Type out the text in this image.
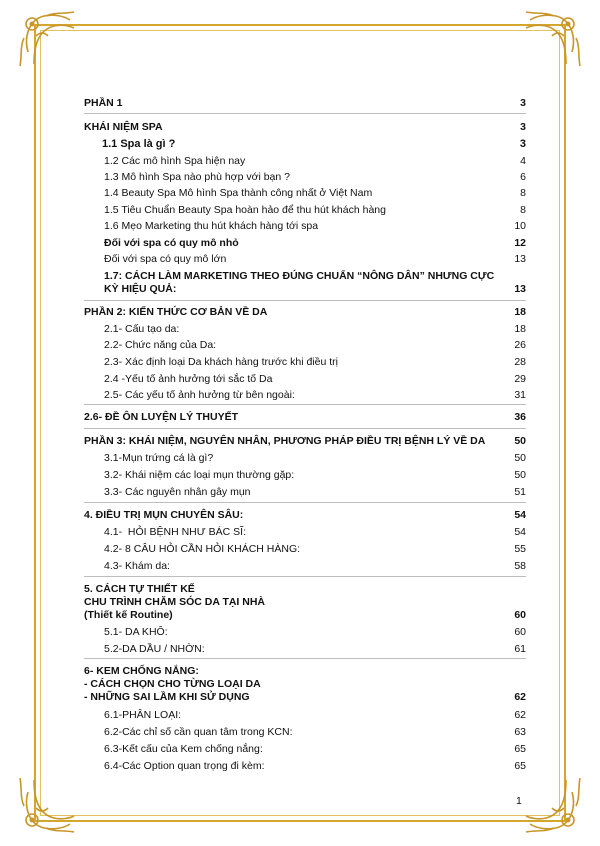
PHẦN 1	3
KHÁI NIỆM SPA	3
1.1 Spa là gì ?	3
1.2 Các mô hình Spa hiện nay	4
1.3 Mô hình Spa nào phù hợp với bạn ?	6
1.4 Beauty Spa Mô hình Spa thành công nhất ở Việt Nam	8
1.5 Tiêu Chuẩn Beauty Spa hoàn hảo để thu hút khách hàng	8
1.6 Mẹo Marketing thu hút khách hàng tới spa	10
Đối với spa có quy mô nhỏ	12
Đối với spa có quy mô lớn	13
1.7: CÁCH LÀM MARKETING THEO ĐÚNG CHUẨN “NÔNG DÂN” NHƯNG CỰC
KỲ HIỆU QUẢ:	13
PHẦN 2: KIẾN THỨC CƠ BẢN VỀ DA	18
2.1- Cấu tạo da:	18
2.2- Chức năng của Da:	26
2.3- Xác định loại Da khách hàng trước khi điều trị	28
2.4 -Yếu tố ảnh hưởng tới sắc tố Da	29
2.5- Các yếu tố ảnh hưởng từ bên ngoài:	31
2.6- ĐỀ ÔN LUYỆN LÝ THUYẾT	36
PHẦN 3: KHÁI NIỆM, NGUYÊN NHÂN, PHƯƠNG PHÁP ĐIỀU TRỊ BỆNH LÝ VỀ DA	50
3.1-Mụn trứng cá là gì?	50
3.2- Khái niệm các loại mụn thường gặp:	50
3.3- Các nguyên nhân gây mụn	51
4. ĐIỀU TRỊ MỤN CHUYÊN SÂU:	54
4.1-  HỎI BỆNH NHƯ BÁC SĨ:	54
4.2- 8 CÂU HỎI CẦN HỎI KHÁCH HÀNG:	55
4.3- Khám da:	58
5. CÁCH TỰ THIẾT KẾ
CHU TRÌNH CHĂM SÓC DA TẠI NHÀ
(Thiết kế Routine)	60
5.1- DA KHÔ:	60
5.2-DA DẦU / NHỜN:	61
6- KEM CHỐNG NẮNG:
- CÁCH CHỌN CHO TỪNG LOẠI DA
- NHỮNG SAI LẦM KHI SỬ DỤNG	62
6.1-PHÂN LOẠI:	62
6.2-Các chỉ số cần quan tâm trong KCN:	63
6.3-Kết cấu của Kem chống nắng:	65
6.4-Các Option quan trọng đi kèm:	65
1
